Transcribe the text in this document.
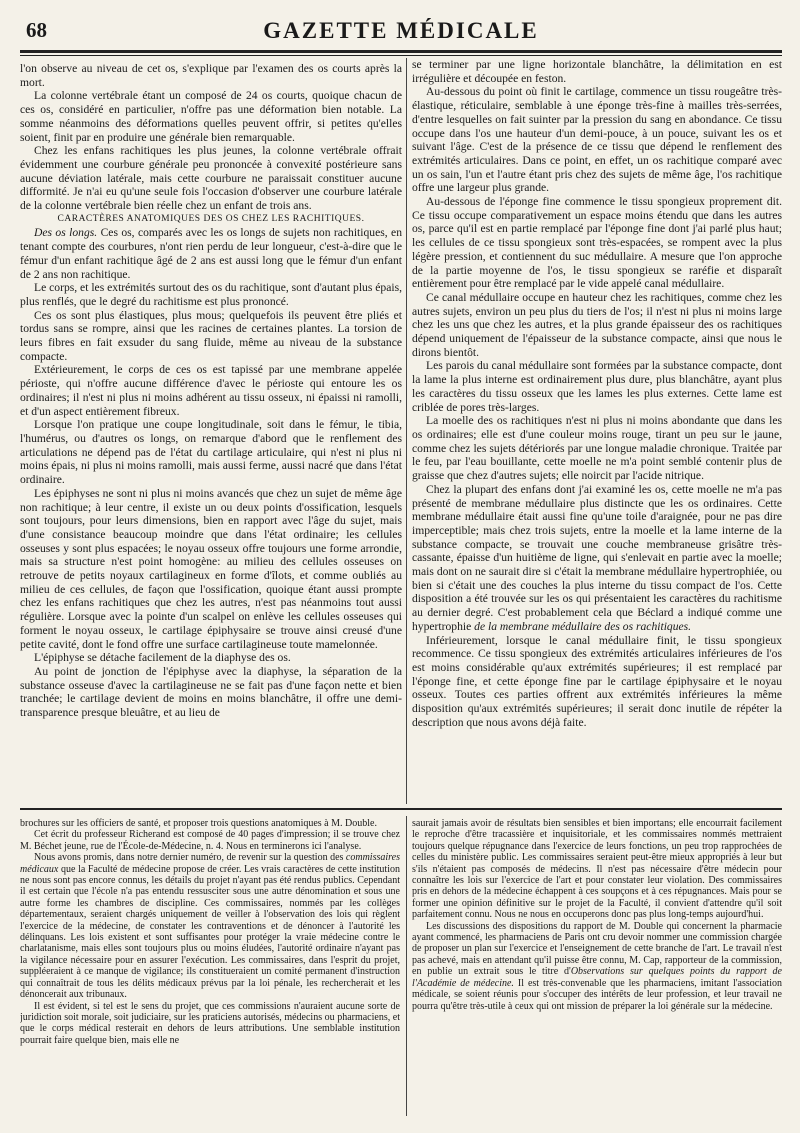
68	GAZETTE MÉDICALE

l'on observe au niveau de cet os, s'explique par l'examen des os courts après la mort.

La colonne vertébrale étant un composé de 24 os courts, quoique chacun de ces os, considéré en particulier, n'offre pas une déformation bien notable. La somme néanmoins des déformations quelles peuvent offrir, si petites qu'elles soient, finit par en produire une générale bien remarquable.

Chez les enfans rachitiques les plus jeunes, la colonne vertébrale offrait évidemment une courbure générale peu prononcée à convexité postérieure sans aucune déviation latérale, mais cette courbure ne paraissait constituer aucune difformité. Je n'ai eu qu'une seule fois l'occasion d'observer une courbure latérale de la colonne vertébrale bien réelle chez un enfant de trois ans.

CARACTÈRES ANATOMIQUES DES OS CHEZ LES RACHITIQUES.

Des os longs. Ces os, comparés avec les os longs de sujets non rachitiques, en tenant compte des courbures, n'ont rien perdu de leur longueur, c'est-à-dire que le fémur d'un enfant rachitique âgé de 2 ans est aussi long que le fémur d'un enfant de 2 ans non rachitique.

Le corps, et les extrémités surtout des os du rachitique, sont d'autant plus épais, plus renflés, que le degré du rachitisme est plus prononcé.

Ces os sont plus élastiques, plus mous; quelquefois ils peuvent être pliés et tordus sans se rompre, ainsi que les racines de certaines plantes. La torsion de leurs fibres en fait exsuder du sang fluide, même au niveau de la substance compacte.

Extérieurement, le corps de ces os est tapissé par une membrane appelée périoste, qui n'offre aucune différence d'avec le périoste qui entoure les os ordinaires; il n'est ni plus ni moins adhérent au tissu osseux, ni épaissi ni ramolli, et d'un aspect entièrement fibreux.

Lorsque l'on pratique une coupe longitudinale, soit dans le fémur, le tibia, l'humérus, ou d'autres os longs, on remarque d'abord que le renflement des articulations ne dépend pas de l'état du cartilage articulaire, qui n'est ni plus ni moins épais, ni plus ni moins ramolli, mais aussi ferme, aussi nacré que dans l'état ordinaire.

Les épiphyses ne sont ni plus ni moins avancés que chez un sujet de même âge non rachitique; à leur centre, il existe un ou deux points d'ossification, lesquels sont toujours, pour leurs dimensions, bien en rapport avec l'âge du sujet, mais d'une consistance beaucoup moindre que dans l'état ordinaire; les cellules osseuses y sont plus espacées; le noyau osseux offre toujours une forme arrondie, mais sa structure n'est point homogène: au milieu des cellules osseuses on retrouve de petits noyaux cartilagineux en forme d'îlots, et comme oubliés au milieu de ces cellules, de façon que l'ossification, quoique étant aussi prompte chez les enfans rachitiques que chez les autres, n'est pas néanmoins tout aussi régulière. Lorsque avec la pointe d'un scalpel on enlève les cellules osseuses qui forment le noyau osseux, le cartilage épiphysaire se trouve ainsi creusé d'une petite cavité, dont le fond offre une surface cartilagineuse toute mamelonnée.

L'épiphyse se détache facilement de la diaphyse des os.

Au point de jonction de l'épiphyse avec la diaphyse, la séparation de la substance osseuse d'avec la cartilagineuse ne se fait pas d'une façon nette et bien tranchée; le cartilage devient de moins en moins blanchâtre, il offre une demi-transparence presque bleuâtre, et au lieu de

se terminer par une ligne horizontale blanchâtre, la délimitation en est irrégulière et découpée en feston.

Au-dessous du point où finit le cartilage, commence un tissu rougeâtre très-élastique, réticulaire, semblable à une éponge très-fine à mailles très-serrées, d'entre lesquelles on fait suinter par la pression du sang en abondance. Ce tissu occupe dans l'os une hauteur d'un demi-pouce, à un pouce, suivant les os et suivant l'âge. C'est de la présence de ce tissu que dépend le renflement des extrémités articulaires. Dans ce point, en effet, un os rachitique comparé avec un os sain, l'un et l'autre étant pris chez des sujets de même âge, l'os rachitique offre une largeur plus grande.

Au-dessous de l'éponge fine commence le tissu spongieux proprement dit. Ce tissu occupe comparativement un espace moins étendu que dans les autres os, parce qu'il est en partie remplacé par l'éponge fine dont j'ai parlé plus haut; les cellules de ce tissu spongieux sont très-espacées, se rompent avec la plus légère pression, et contiennent du suc médullaire. A mesure que l'on approche de la partie moyenne de l'os, le tissu spongieux se raréfie et disparaît entièrement pour être remplacé par le vide appelé canal médullaire.

Ce canal médullaire occupe en hauteur chez les rachitiques, comme chez les autres sujets, environ un peu plus du tiers de l'os; il n'est ni plus ni moins large chez les uns que chez les autres, et la plus grande épaisseur des os rachitiques dépend uniquement de l'épaisseur de la substance compacte, ainsi que nous le dirons bientôt.

Les parois du canal médullaire sont formées par la substance compacte, dont la lame la plus interne est ordinairement plus dure, plus blanchâtre, ayant plus les caractères du tissu osseux que les lames les plus externes. Cette lame est criblée de pores très-larges.

La moelle des os rachitiques n'est ni plus ni moins abondante que dans les os ordinaires; elle est d'une couleur moins rouge, tirant un peu sur le jaune, comme chez les sujets détériorés par une longue maladie chronique. Traitée par le feu, par l'eau bouillante, cette moelle ne m'a point semblé contenir plus de graisse que chez d'autres sujets; elle noircit par l'acide nitrique.

Chez la plupart des enfans dont j'ai examiné les os, cette moelle ne m'a pas présenté de membrane médullaire plus distincte que les os ordinaires. Cette membrane médullaire était aussi fine qu'une toile d'araignée, pour ne pas dire imperceptible; mais chez trois sujets, entre la moelle et la lame interne de la substance compacte, se trouvait une couche membraneuse grisâtre très-cassante, épaisse d'un huitième de ligne, qui s'enlevait en partie avec la moelle; mais dont on ne saurait dire si c'était la membrane médullaire hypertrophiée, ou bien si c'était une des couches la plus interne du tissu compact de l'os. Cette disposition a été trouvée sur les os qui présentaient les caractères du rachitisme au dernier degré. C'est probablement cela que Béclard a indiqué comme une hypertrophie de la membrane médullaire des os rachitiques.

Inférieurement, lorsque le canal médullaire finit, le tissu spongieux recommence. Ce tissu spongieux des extrémités articulaires inférieures de l'os est moins considérable qu'aux extrémités supérieures; il est remplacé par l'éponge fine, et cette éponge fine par le cartilage épiphysaire et le noyau osseux. Toutes ces parties offrent aux extrémités inférieures la même disposition qu'aux extrémités supérieures; il serait donc inutile de répéter la description que nous avons déjà faite.

brochures sur les officiers de santé, et proposer trois questions anatomiques à M. Double.

Cet écrit du professeur Richerand est composé de 40 pages d'impression; il se trouve chez M. Béchet jeune, rue de l'École-de-Médecine, n. 4. Nous en terminerons ici l'analyse.

Nous avons promis, dans notre dernier numéro, de revenir sur la question des commissaires médicaux que la Faculté de médecine propose de créer. Les vrais caractères de cette institution ne nous sont pas encore connus, les détails du projet n'ayant pas été rendus publics. Cependant il est certain que l'école n'a pas entendu ressusciter sous une autre dénomination et sous une autre forme les chambres de discipline. Ces commissaires, nommés par les collèges départementaux, seraient chargés uniquement de veiller à l'observation des lois qui règlent l'exercice de la médecine, de constater les contraventions et de dénoncer à l'autorité les délinquans. Les lois existent et sont suffisantes pour protéger la vraie médecine contre le charlatanisme, mais elles sont toujours plus ou moins éludées, l'autorité ordinaire n'ayant pas la vigilance nécessaire pour en assurer l'exécution. Les commissaires, dans l'esprit du projet, suppléeraient à ce manque de vigilance; ils constitueraient un comité permanent d'instruction qui connaîtrait de tous les délits médicaux prévus par la loi pénale, les rechercherait et les dénoncerait aux tribunaux.

Il est évident, si tel est le sens du projet, que ces commissions n'auraient aucune sorte de juridiction soit morale, soit judiciaire, sur les praticiens autorisés, médecins ou pharmaciens, et que le corps médical resterait en dehors de leurs attributions. Une semblable institution pourrait faire quelque bien, mais elle ne

saurait jamais avoir de résultats bien sensibles et bien importans; elle encourrait facilement le reproche d'être tracassière et inquisitoriale, et les commissaires nommés mettraient toujours quelque répugnance dans l'exercice de leurs fonctions, un peu trop rapprochées de celles du ministère public. Les commissaires seraient peut-être mieux appropriés à leur but s'ils n'étaient pas composés de médecins. Il n'est pas nécessaire d'être médecin pour connaître les lois sur l'exercice de l'art et pour constater leur violation. Des commissaires pris en dehors de la médecine échappent à ces soupçons et à ces répugnances. Mais pour se former une opinion définitive sur le projet de la Faculté, il convient d'attendre qu'il soit parfaitement connu. Nous ne nous en occuperons donc pas plus long-temps aujourd'hui.

Les discussions des dispositions du rapport de M. Double qui concernent la pharmacie ayant commencé, les pharmaciens de Paris ont cru devoir nommer une commission chargée de proposer un plan sur l'exercice et l'enseignement de cette branche de l'art. Le travail n'est pas achevé, mais en attendant qu'il puisse être connu, M. Cap, rapporteur de la commission, en publie un extrait sous le titre d'Observations sur quelques points du rapport de l'Académie de médecine. Il est très-convenable que les pharmaciens, imitant l'association médicale, se soient réunis pour s'occuper des intérêts de leur profession, et leur travail ne pourra qu'être très-utile à ceux qui ont mission de préparer la loi générale sur la médecine.
